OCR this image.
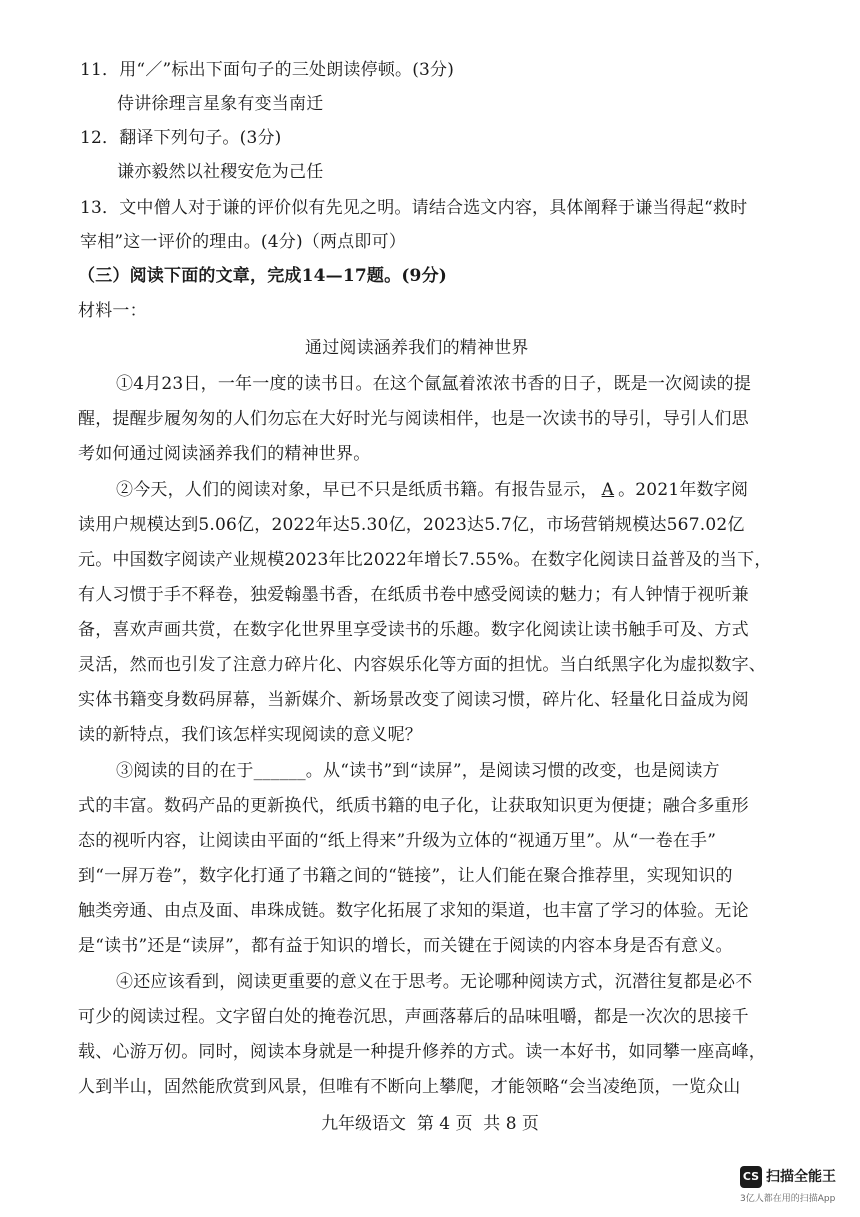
11．用“／”标出下面句子的三处朗读停顿。(3分)
侍讲徐理言星象有变当南迁
12．翻译下列句子。(3分)
谦亦毅然以社稷安危为己任
13．文中僧人对于谦的评价似有先见之明。请结合选文内容，具体阐释于谦当得起“救时
宰相”这一评价的理由。(4分)（两点即可）
（三）阅读下面的文章，完成14—17题。(9分)
材料一：
通过阅读涵养我们的精神世界
①4月23日，一年一度的读书日。在这个氤氲着浓浓书香的日子，既是一次阅读的提
醒，提醒步履匆匆的人们勿忘在大好时光与阅读相伴，也是一次读书的导引，导引人们思
考如何通过阅读涵养我们的精神世界。
②今天，人们的阅读对象，早已不只是纸质书籍。有报告显示， A 。2021年数字阅
读用户规模达到5.06亿，2022年达5.30亿，2023达5.7亿，市场营销规模达567.02亿
元。中国数字阅读产业规模2023年比2022年增长7.55%。在数字化阅读日益普及的当下，
有人习惯于手不释卷，独爱翰墨书香，在纸质书卷中感受阅读的魅力；有人钟情于视听兼
备，喜欢声画共赏，在数字化世界里享受读书的乐趣。数字化阅读让读书触手可及、方式
灵活，然而也引发了注意力碎片化、内容娱乐化等方面的担忧。当白纸黑字化为虚拟数字、
实体书籍变身数码屏幕，当新媒介、新场景改变了阅读习惯，碎片化、轻量化日益成为阅
读的新特点，我们该怎样实现阅读的意义呢？
③阅读的目的在于______。从“读书”到“读屏”，是阅读习惯的改变，也是阅读方
式的丰富。数码产品的更新换代，纸质书籍的电子化，让获取知识更为便捷；融合多重形
态的视听内容，让阅读由平面的“纸上得来”升级为立体的“视通万里”。从“一卷在手”
到“一屏万卷”，数字化打通了书籍之间的“链接”，让人们能在聚合推荐里，实现知识的
触类旁通、由点及面、串珠成链。数字化拓展了求知的渠道，也丰富了学习的体验。无论
是“读书”还是“读屏”，都有益于知识的增长，而关键在于阅读的内容本身是否有意义。
④还应该看到，阅读更重要的意义在于思考。无论哪种阅读方式，沉潜往复都是必不
可少的阅读过程。文字留白处的掩卷沉思，声画落幕后的品味咀嚼，都是一次次的思接千
载、心游万仞。同时，阅读本身就是一种提升修养的方式。读一本好书，如同攀一座高峰，
人到半山，固然能欣赏到风景，但唯有不断向上攀爬，才能领略“会当凌绝顶，一览众山
九年级语文  第 4 页  共 8 页
CS 扫描全能王
3亿人都在用的扫描App
